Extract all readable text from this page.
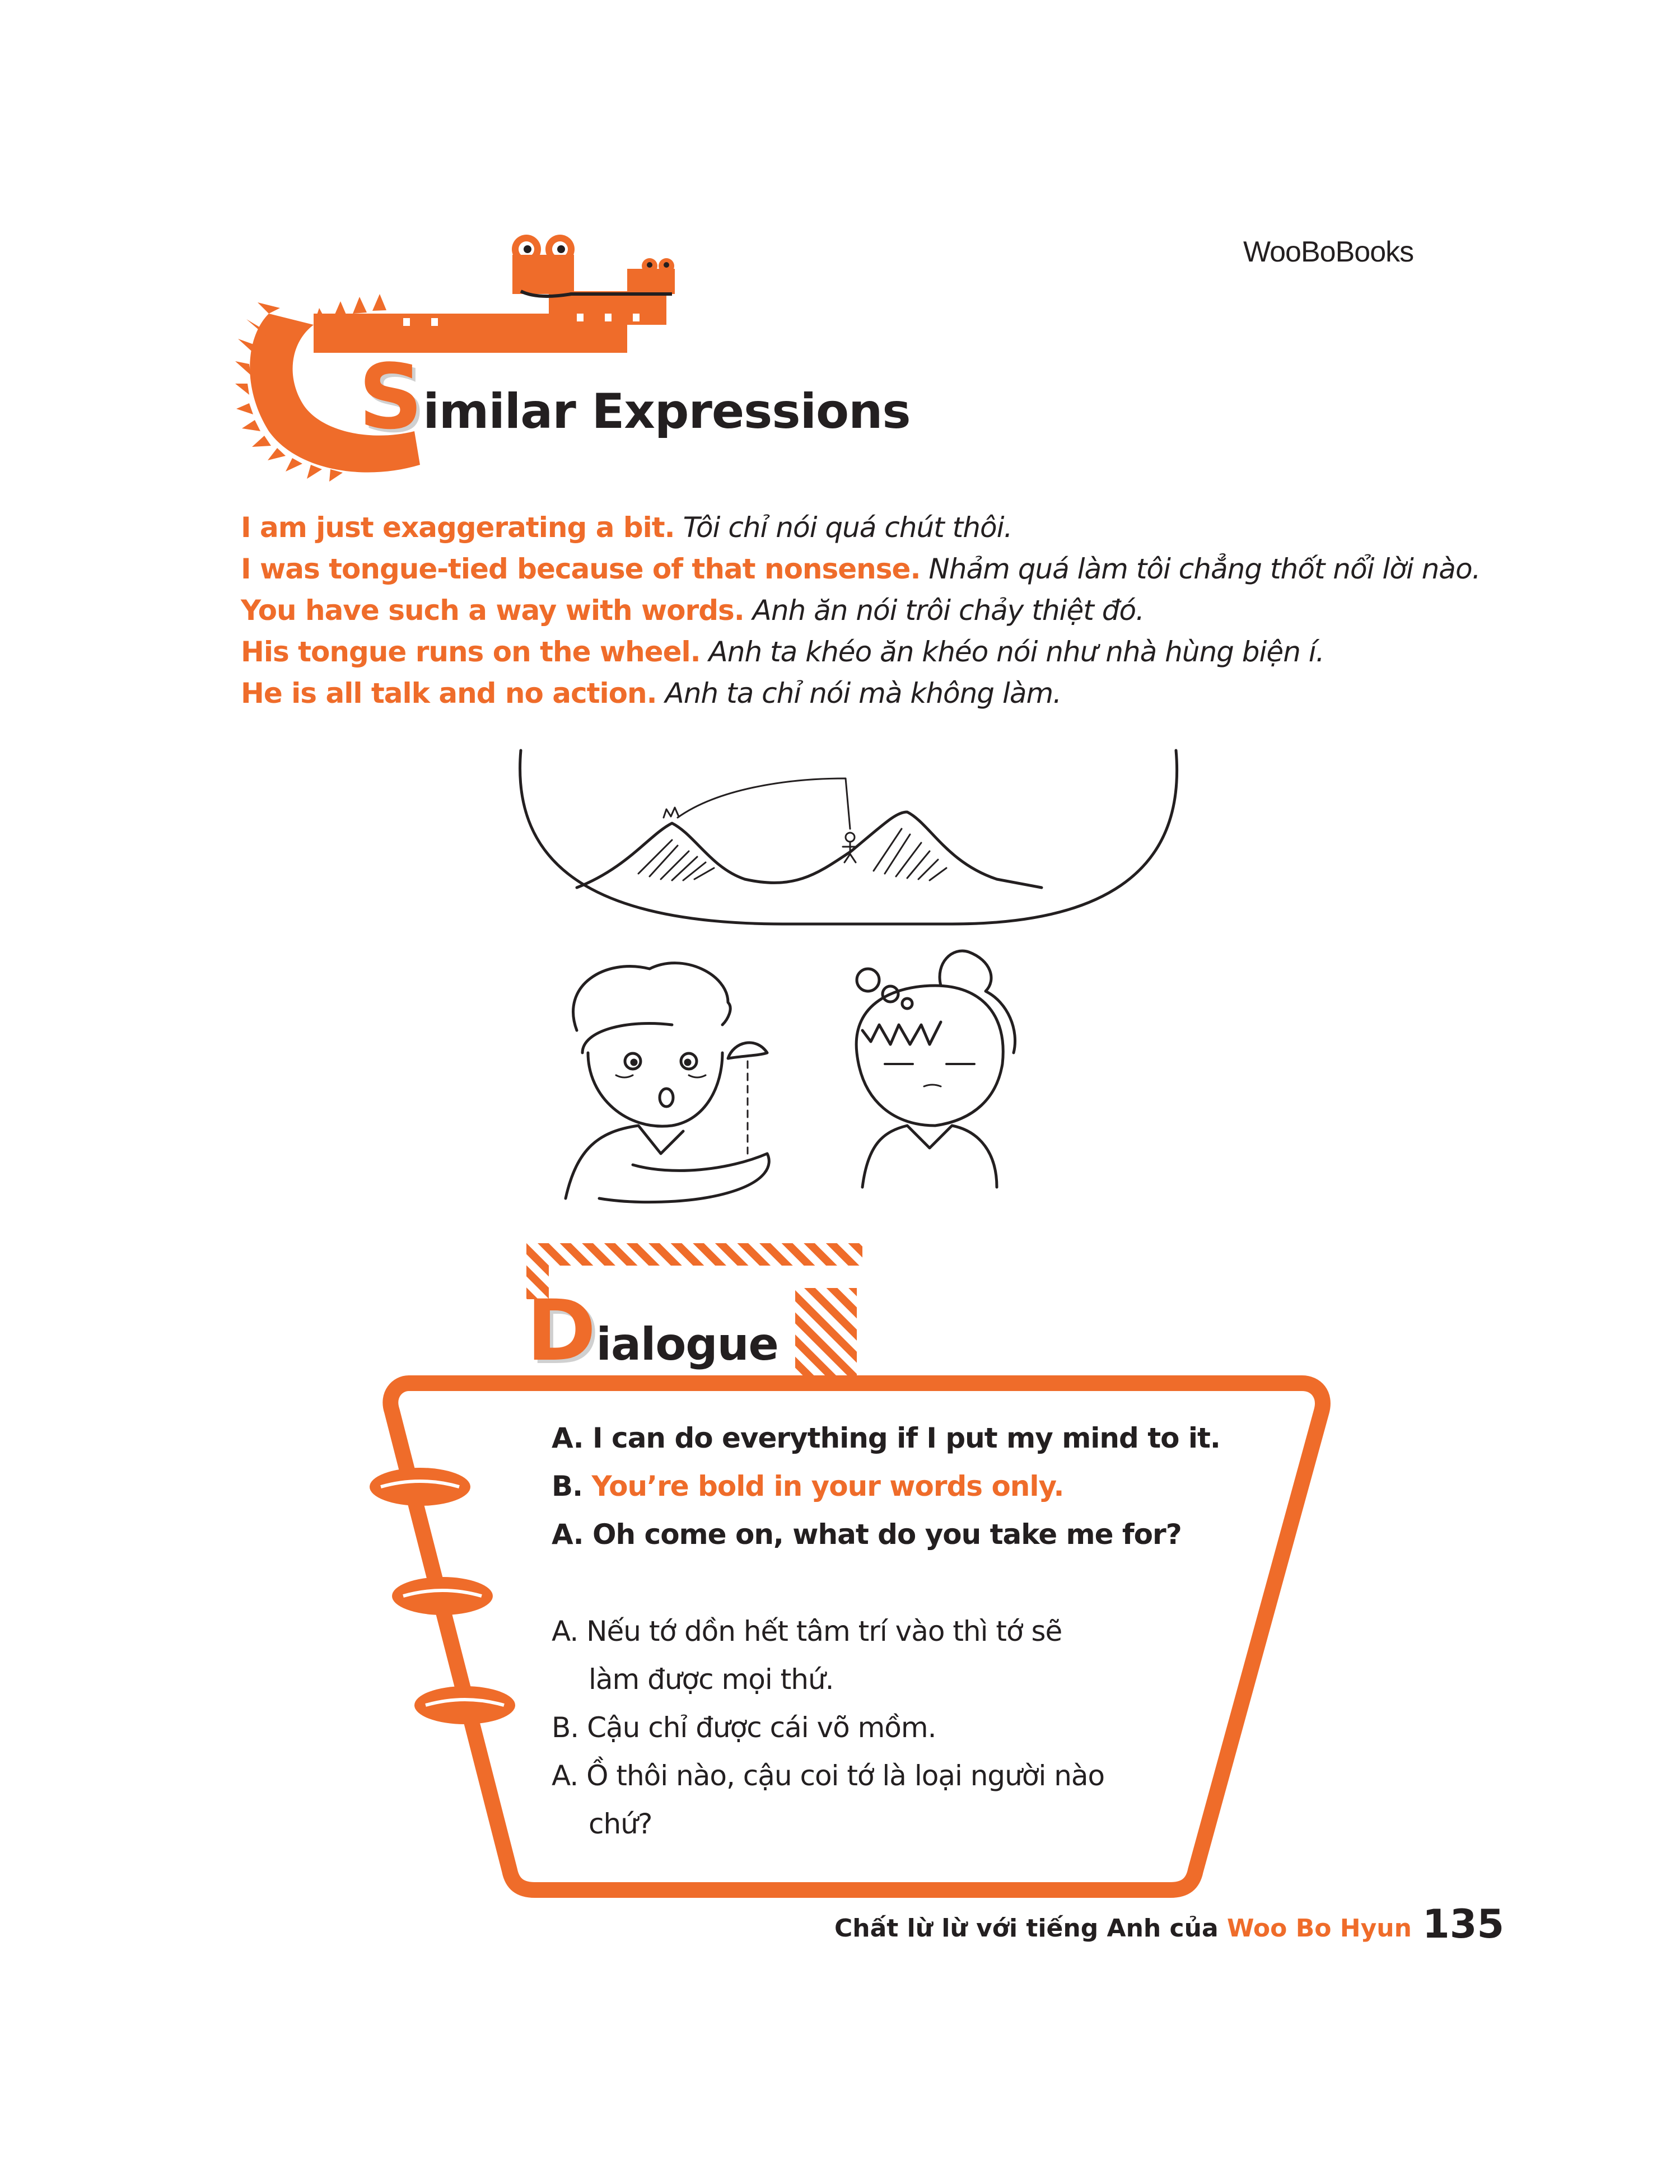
WooBoBooks
Similar Expressions
I am just exaggerating a bit. Tôi chỉ nói quá chút thôi.
I was tongue-tied because of that nonsense. Nhảm quá làm tôi chẳng thốt nổi lời nào.
You have such a way with words. Anh ăn nói trôi chảy thiệt đó.
His tongue runs on the wheel. Anh ta khéo ăn khéo nói như nhà hùng biện í.
He is all talk and no action. Anh ta chỉ nói mà không làm.
Dialogue
A. I can do everything if I put my mind to it.
B. You’re bold in your words only.
A. Oh come on, what do you take me for?
A. Nếu tớ dồn hết tâm trí vào thì tớ sẽ
làm được mọi thứ.
B. Cậu chỉ được cái võ mồm.
A. Ồ thôi nào, cậu coi tớ là loại người nào
chứ?
Chất lừ lừ với tiếng Anh của Woo Bo Hyun 135
